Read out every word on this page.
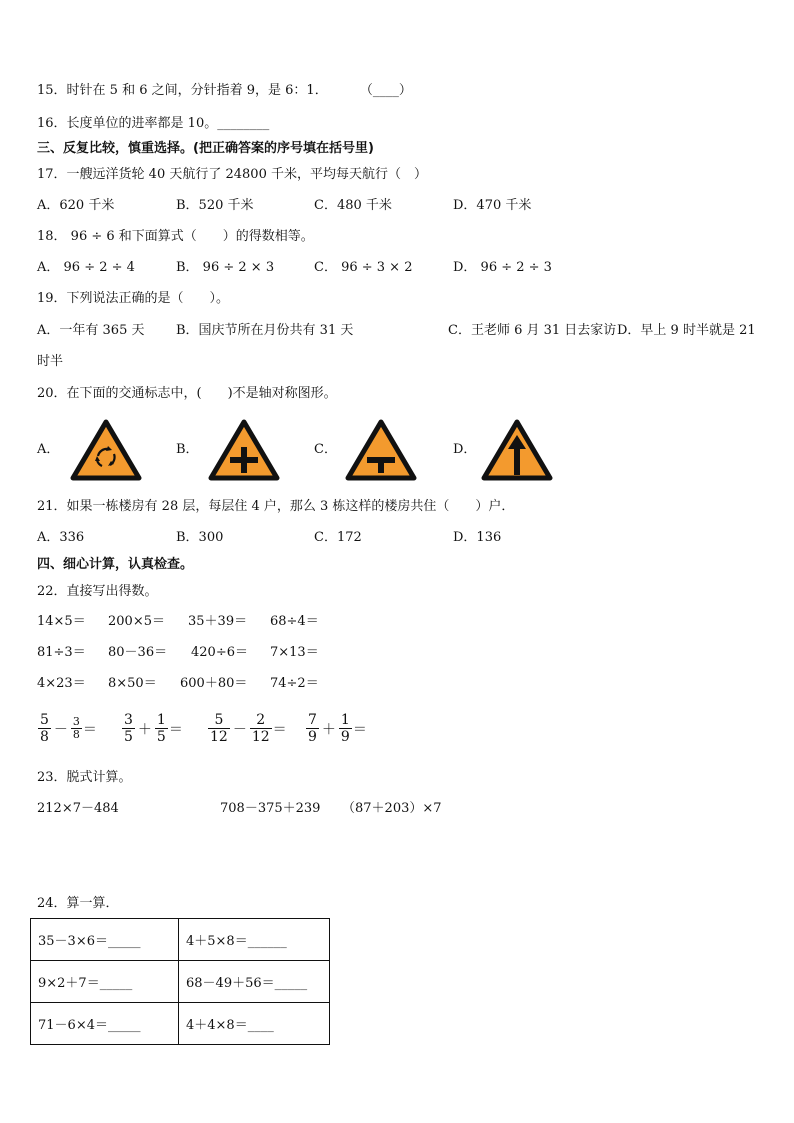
15．时针在 5 和 6 之间，分针指着 9，是 6：1． （____）
16．长度单位的进率都是 10。________
三、反复比较，慎重选择。(把正确答案的序号填在括号里)
17．一艘远洋货轮 40 天航行了 24800 千米，平均每天航行（　）
A．620 千米	B．520 千米	C．480 千米	D．470 千米
18． 96 ÷ 6 和下面算式（　　）的得数相等。
A． 96 ÷ 2 ÷ 4	B． 96 ÷ 2 × 3	C． 96 ÷ 3 × 2	D． 96 ÷ 2 ÷ 3
19．下列说法正确的是（　　）。
A．一年有 365 天 B．国庆节所在月份共有 31 天	C．王老师 6 月 31 日去家访 D．早上 9 时半就是 21
时半
20．在下面的交通标志中，(　　)不是轴对称图形。
A．	B．	C．	D．
21．如果一栋楼房有 28 层，每层住 4 户，那么 3 栋这样的楼房共住（　　）户．
A．336	B．300	C．172	D．136
四、细心计算，认真检查。
22．直接写出得数。
14×5＝ 200×5＝ 35＋39＝ 68÷4＝
81÷3＝ 80－36＝ 420÷6＝ 7×13＝
4×23＝ 8×50＝ 600＋80＝ 74÷2＝
$\frac{5}{8} - \frac{3}{8} = \frac{3}{5} + \frac{1}{5} = \frac{5}{12} - \frac{2}{12} = \frac{7}{9} + \frac{1}{9}$ ＝
23．脱式计算。
212×7－484	708－375＋239 （87＋203）×7
24．算一算．
35－3×6＝_____	4＋5×8＝______
9×2＋7＝_____	68－49＋56＝_____
71－6×4＝_____	4＋4×8＝____
